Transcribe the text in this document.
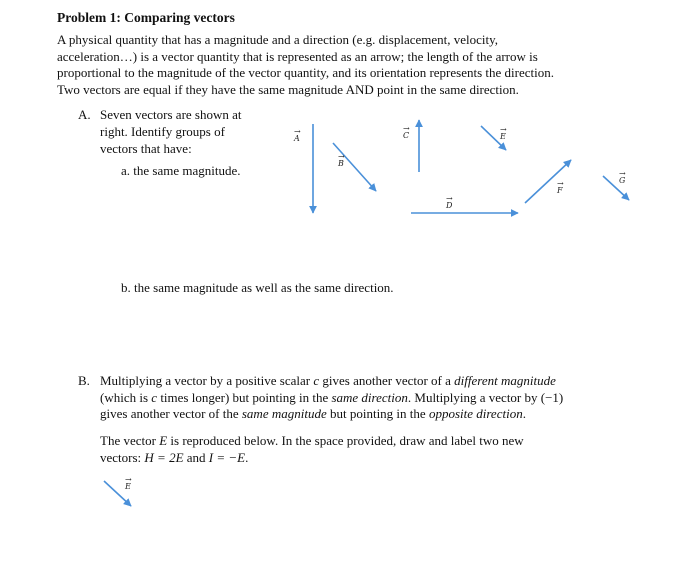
Problem 1: Comparing vectors
A physical quantity that has a magnitude and a direction (e.g. displacement, velocity,
acceleration…) is a vector quantity that is represented as an arrow; the length of the arrow is
proportional to the magnitude of the vector quantity, and its orientation represents the direction.
Two vectors are equal if they have the same magnitude AND point in the same direction.
A. Seven vectors are shown at
right. Identify groups of
vectors that have:
a. the same magnitude.
A
→
B
→
C
→
D
→
E
→
F
→	G
→
E
→
b. the same magnitude as well as the same direction.
B. Multiplying a vector by a positive scalar c gives another vector of a different magnitude
(which is c times longer) but pointing in the same direction. Multiplying a vector by (−1)
gives another vector of the same magnitude but pointing in the opposite direction.
The vector E is reproduced below. In the space provided, draw and label two new
vectors: H = 2E and I = −E.
